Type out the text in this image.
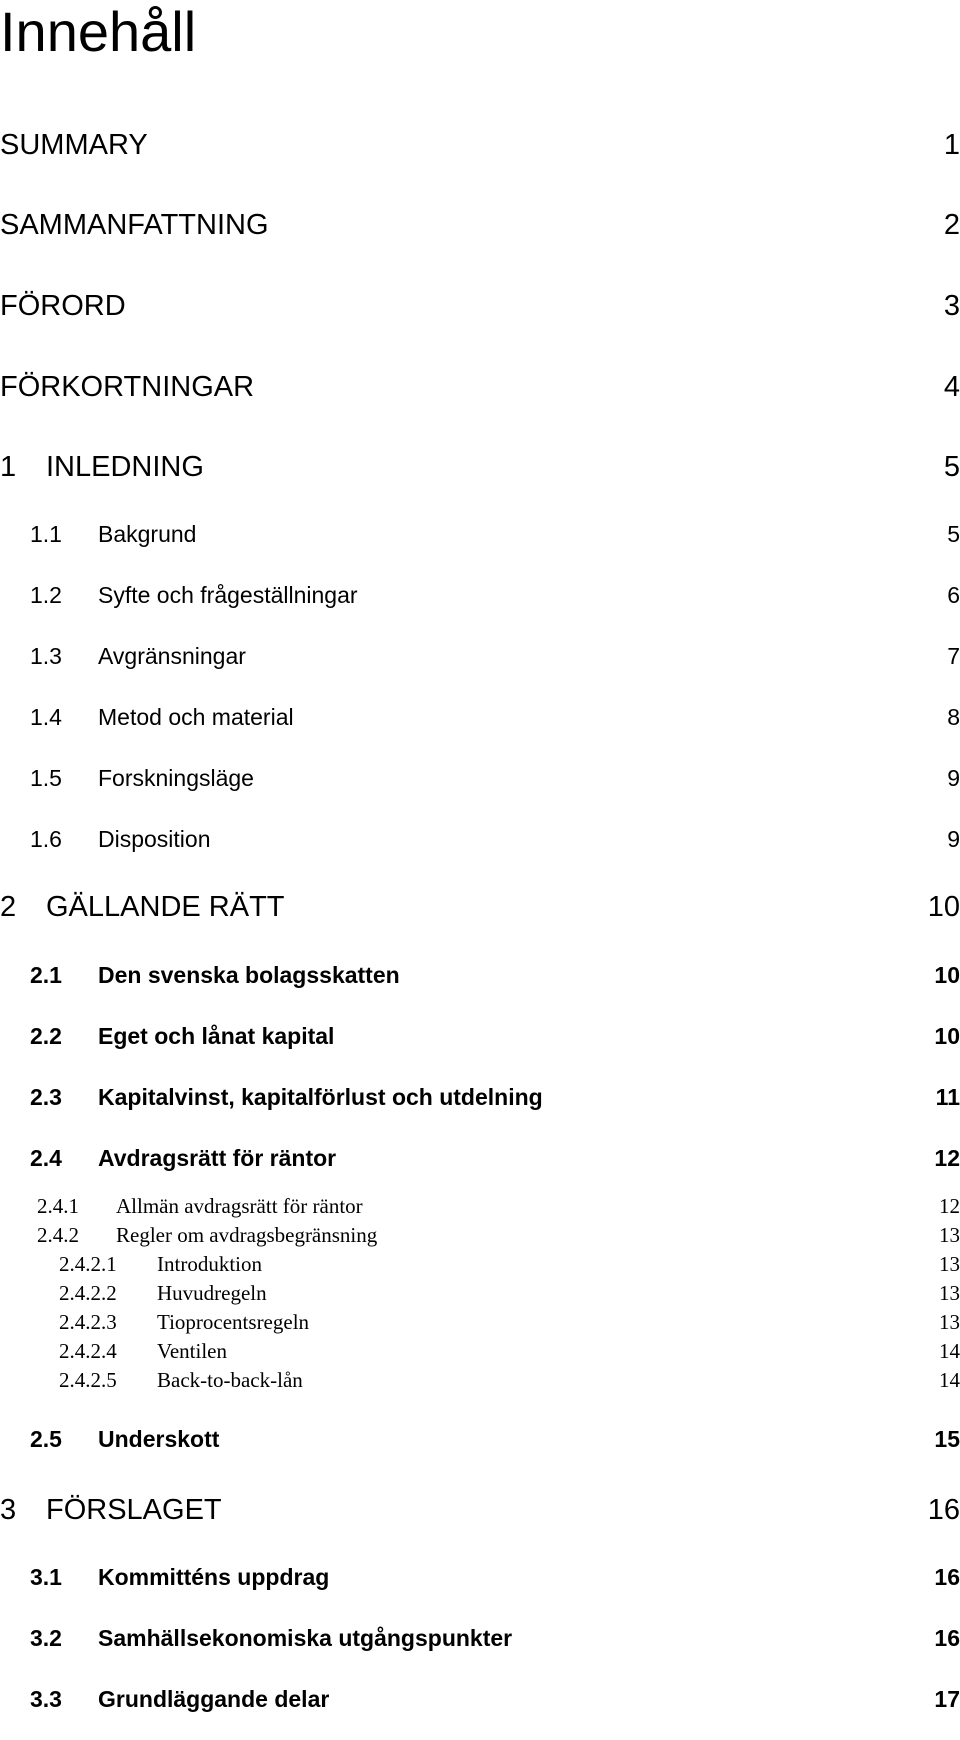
Innehåll
SUMMARY	1
SAMMANFATTNING	2
FÖRORD	3
FÖRKORTNINGAR	4
1 INLEDNING	5
1.1 Bakgrund	5
1.2 Syfte och frågeställningar	6
1.3 Avgränsningar	7
1.4 Metod och material	8
1.5 Forskningsläge	9
1.6 Disposition	9
2 GÄLLANDE RÄTT	10
2.1 Den svenska bolagsskatten	10
2.2 Eget och lånat kapital	10
2.3 Kapitalvinst, kapitalförlust och utdelning	11
2.4 Avdragsrätt för räntor	12
2.4.1 Allmän avdragsrätt för räntor	12
2.4.2 Regler om avdragsbegränsning	13
2.4.2.1 Introduktion	13
2.4.2.2 Huvudregeln	13
2.4.2.3 Tioprocentsregeln	13
2.4.2.4 Ventilen	14
2.4.2.5 Back-to-back-lån	14
2.5 Underskott	15
3 FÖRSLAGET	16
3.1 Kommitténs uppdrag	16
3.2 Samhällsekonomiska utgångspunkter	16
3.3 Grundläggande delar	17
